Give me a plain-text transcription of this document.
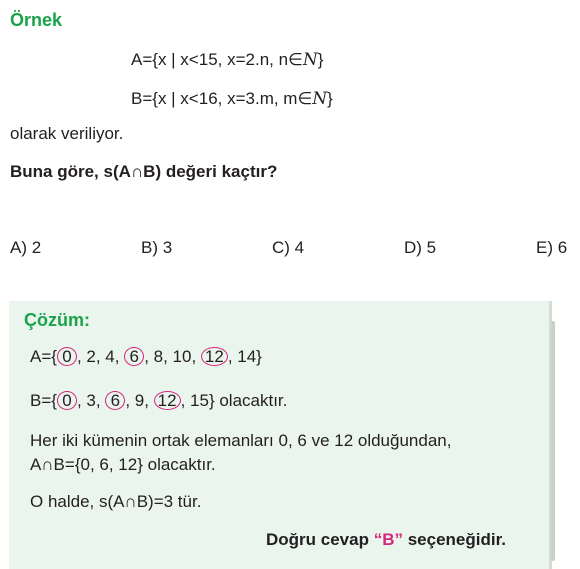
Örnek
A={x | x<15, x=2.n, n∈N}
B={x | x<16, x=3.m, m∈N}
olarak veriliyor.
Buna göre, s(A∩B) değeri kaçtır?
A) 2	B) 3	C) 4	D) 5	E) 6
Çözüm:
A={ 0 , 2, 4, 6 , 8, 10, 12 , 14}
B={ 0 , 3, 6 , 9, 12 , 15} olacaktır.
Her iki kümenin ortak elemanları 0, 6 ve 12 olduğundan,
A∩B={0, 6, 12} olacaktır.
O halde, s(A∩B)=3 tür.
Doğru cevap “B” seçeneğidir.
